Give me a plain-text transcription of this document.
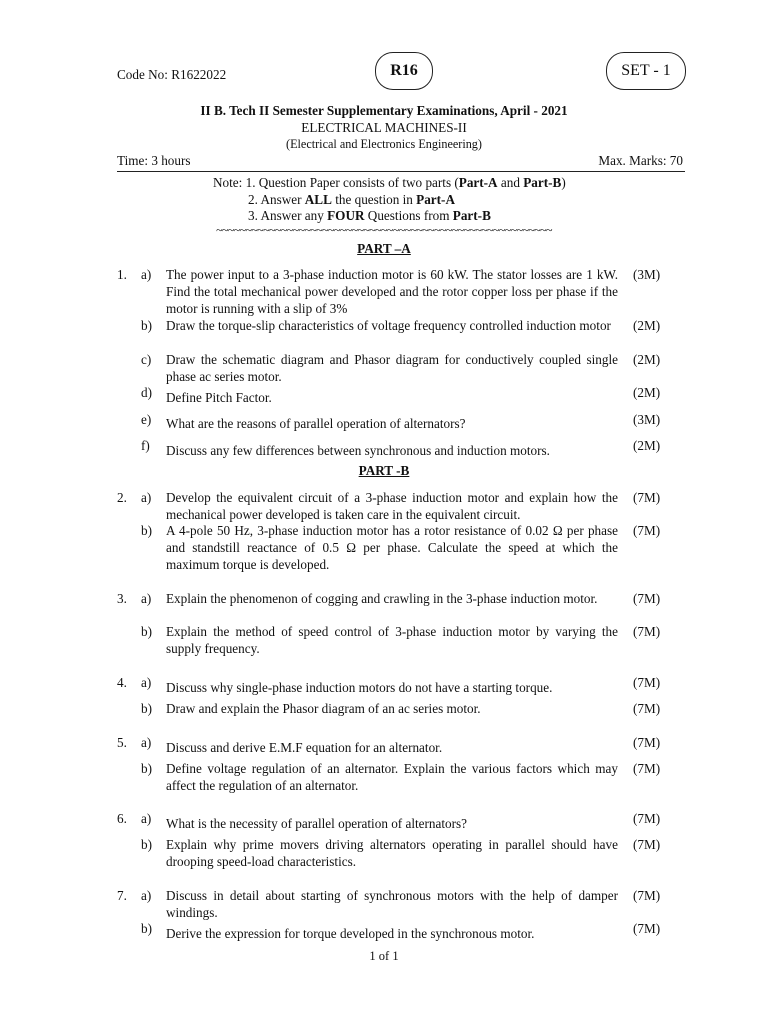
Code No: R1622022	R16	SET - 1
II B. Tech II Semester Supplementary Examinations, April - 2021
ELECTRICAL MACHINES-II
(Electrical and Electronics Engineering)
Time: 3 hours	Max. Marks: 70
Note: 1. Question Paper consists of two parts (Part-A and Part-B)
2. Answer ALL the question in Part-A
3. Answer any FOUR Questions from Part-B
~~~~~~~~~~~~~~~~~~~~~~~~~~~~~~~~~~~~~~~~~~~~~~~~~~~~~~~~~
PART –A
1.	a)	The power input to a 3-phase induction motor is 60 kW. The stator losses are 1 kW. Find the total mechanical power developed and the rotor copper loss per phase if the motor is running with a slip of 3%
(3M)
b)	Draw the torque-slip characteristics of voltage frequency controlled induction motor	(2M)
c)	Draw the schematic diagram and Phasor diagram for conductively coupled single phase ac series motor.
(2M)
d)	Define Pitch Factor.	(2M)
e)	What are the reasons of parallel operation of alternators?	(3M)
f)	Discuss any few differences between synchronous and induction motors.	(2M)
PART -B
2.	a)	Develop the equivalent circuit of a 3-phase induction motor and explain how the mechanical power developed is taken care in the equivalent circuit.
(7M)
b)	A 4-pole 50 Hz, 3-phase induction motor has a rotor resistance of 0.02 Ω per phase and standstill reactance of 0.5 Ω per phase. Calculate the speed at which the maximum torque is developed.
(7M)
3.	a)	Explain the phenomenon of cogging and crawling in the 3-phase induction motor.	(7M)
b)	Explain the method of speed control of 3-phase induction motor by varying the supply frequency.
(7M)
4.	a)	Discuss why single-phase induction motors do not have a starting torque.	(7M)
b)	Draw and explain the Phasor diagram of an ac series motor.	(7M)
5.	a)	Discuss and derive E.M.F equation for an alternator.	(7M)
b)	Define voltage regulation of an alternator. Explain the various factors which may affect the regulation of an alternator.
(7M)
6.	a)	What is the necessity of parallel operation of alternators?	(7M)
b)	Explain why prime movers driving alternators operating in parallel should have drooping speed-load characteristics.
(7M)
7.	a)	Discuss in detail about starting of synchronous motors with the help of damper windings.
(7M)
b)	Derive the expression for torque developed in the synchronous motor.	(7M)
1 of 1
